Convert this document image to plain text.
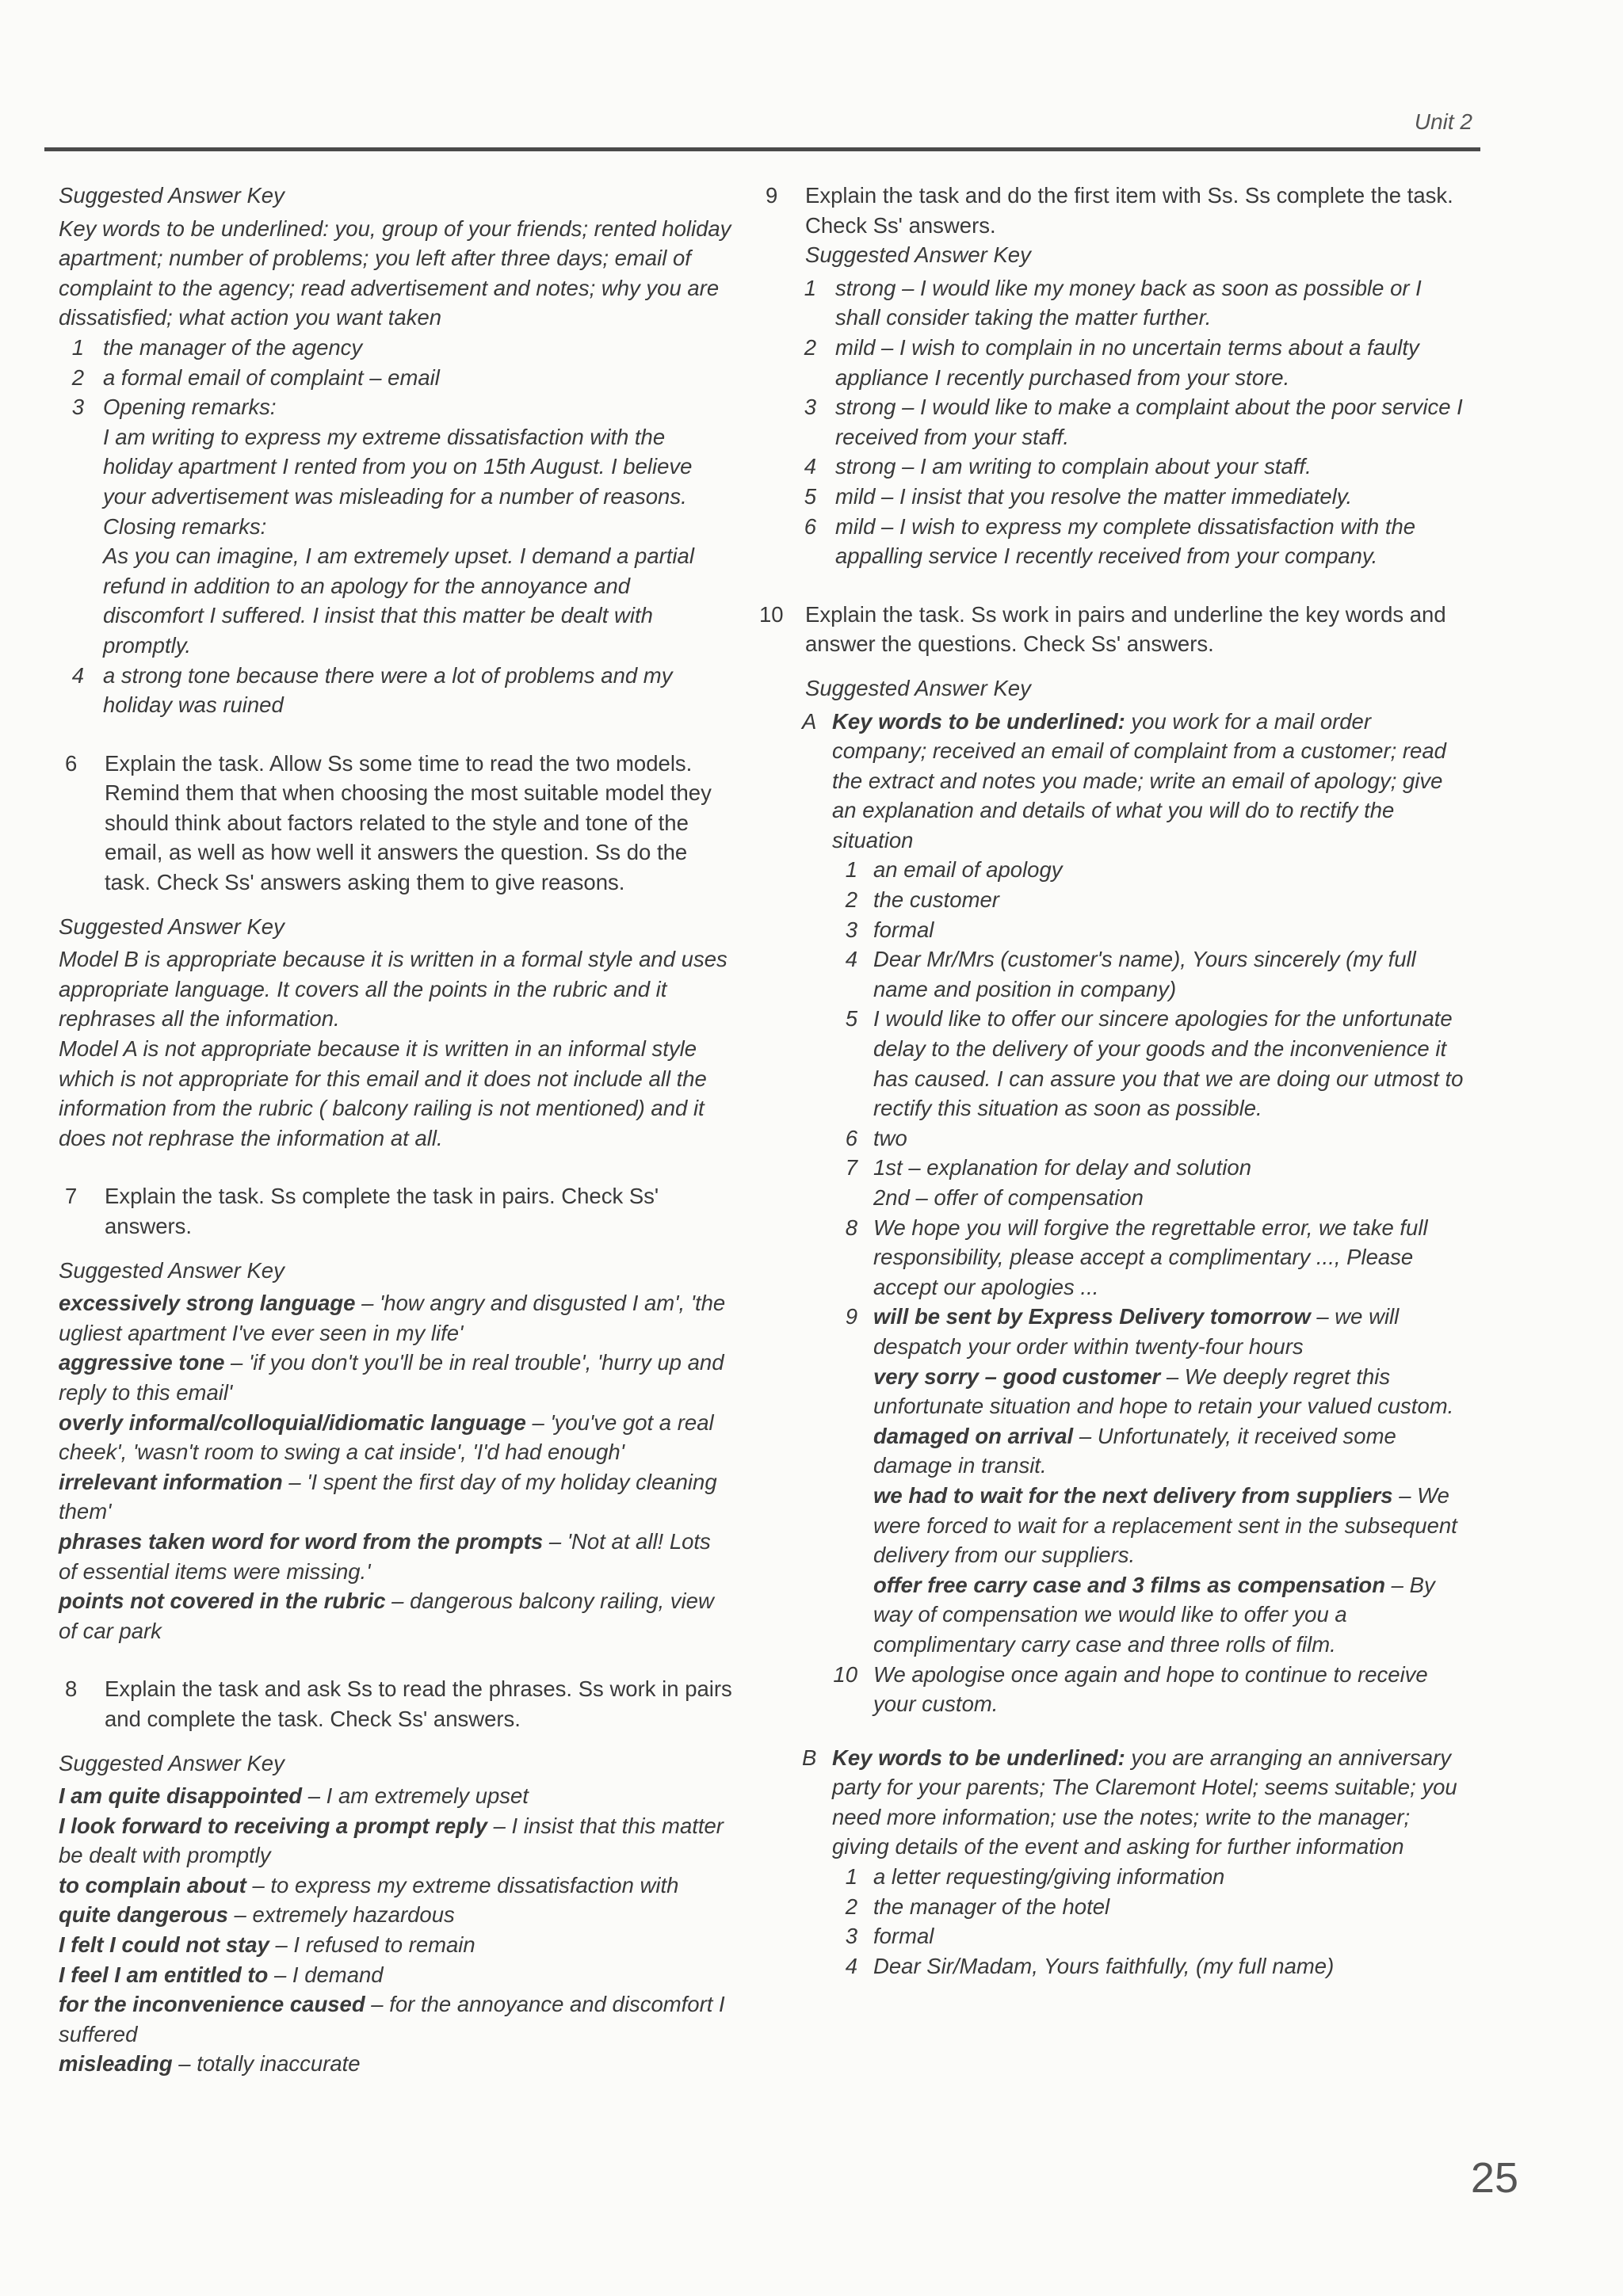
Unit 2

Suggested Answer Key

Key words to be underlined: you, group of your friends; rented holiday apartment; number of problems; you left after three days; email of complaint to the agency; read advertisement and notes; why you are dissatisfied; what action you want taken

1 the manager of the agency

2 a formal email of complaint – email

3 Opening remarks:

I am writing to express my extreme dissatisfaction with the holiday apartment I rented from you on 15th August. I believe your advertisement was misleading for a number of reasons.

Closing remarks:

As you can imagine, I am extremely upset. I demand a partial refund in addition to an apology for the annoyance and discomfort I suffered. I insist that this matter be dealt with promptly.

4 a strong tone because there were a lot of problems and my holiday was ruined

6 Explain the task. Allow Ss some time to read the two models. Remind them that when choosing the most suitable model they should think about factors related to the style and tone of the email, as well as how well it answers the question. Ss do the task. Check Ss' answers asking them to give reasons.

Suggested Answer Key

Model B is appropriate because it is written in a formal style and uses appropriate language. It covers all the points in the rubric and it rephrases all the information.

Model A is not appropriate because it is written in an informal style which is not appropriate for this email and it does not include all the information from the rubric ( balcony railing is not mentioned) and it does not rephrase the information at all.

7 Explain the task. Ss complete the task in pairs. Check Ss' answers.

Suggested Answer Key

excessively strong language – 'how angry and disgusted I am', 'the ugliest apartment I've ever seen in my life'

aggressive tone – 'if you don't you'll be in real trouble', 'hurry up and reply to this email'

overly informal/colloquial/idiomatic language – 'you've got a real cheek', 'wasn't room to swing a cat inside', 'I'd had enough'

irrelevant information – 'I spent the first day of my holiday cleaning them'

phrases taken word for word from the prompts – 'Not at all! Lots of essential items were missing.'

points not covered in the rubric – dangerous balcony railing, view of car park

8 Explain the task and ask Ss to read the phrases. Ss work in pairs and complete the task. Check Ss' answers.

Suggested Answer Key

I am quite disappointed – I am extremely upset

I look forward to receiving a prompt reply – I insist that this matter be dealt with promptly

to complain about – to express my extreme dissatisfaction with

quite dangerous – extremely hazardous

I felt I could not stay – I refused to remain

I feel I am entitled to – I demand

for the inconvenience caused – for the annoyance and discomfort I suffered

misleading – totally inaccurate

9 Explain the task and do the first item with Ss. Ss complete the task. Check Ss' answers.

Suggested Answer Key

1 strong – I would like my money back as soon as possible or I shall consider taking the matter further.

2 mild – I wish to complain in no uncertain terms about a faulty appliance I recently purchased from your store.

3 strong – I would like to make a complaint about the poor service I received from your staff.

4 strong – I am writing to complain about your staff.

5 mild – I insist that you resolve the matter immediately.

6 mild – I wish to express my complete dissatisfaction with the appalling service I recently received from your company.

10 Explain the task. Ss work in pairs and underline the key words and answer the questions. Check Ss' answers.

Suggested Answer Key

A Key words to be underlined: you work for a mail order company; received an email of complaint from a customer; read the extract and notes you made; write an email of apology; give an explanation and details of what you will do to rectify the situation

1 an email of apology

2 the customer

3 formal

4 Dear Mr/Mrs (customer's name), Yours sincerely (my full name and position in company)

5 I would like to offer our sincere apologies for the unfortunate delay to the delivery of your goods and the inconvenience it has caused. I can assure you that we are doing our utmost to rectify this situation as soon as possible.

6 two

7 1st – explanation for delay and solution

2nd – offer of compensation

8 We hope you will forgive the regrettable error, we take full responsibility, please accept a complimentary ..., Please accept our apologies ...

9 will be sent by Express Delivery tomorrow – we will despatch your order within twenty-four hours

very sorry – good customer – We deeply regret this unfortunate situation and hope to retain your valued custom.

damaged on arrival – Unfortunately, it received some damage in transit.

we had to wait for the next delivery from suppliers – We were forced to wait for a replacement sent in the subsequent delivery from our suppliers.

offer free carry case and 3 films as compensation – By way of compensation we would like to offer you a complimentary carry case and three rolls of film.

10 We apologise once again and hope to continue to receive your custom.

B Key words to be underlined: you are arranging an anniversary party for your parents; The Claremont Hotel; seems suitable; you need more information; use the notes; write to the manager; giving details of the event and asking for further information

1 a letter requesting/giving information

2 the manager of the hotel

3 formal

4 Dear Sir/Madam, Yours faithfully, (my full name)

25
